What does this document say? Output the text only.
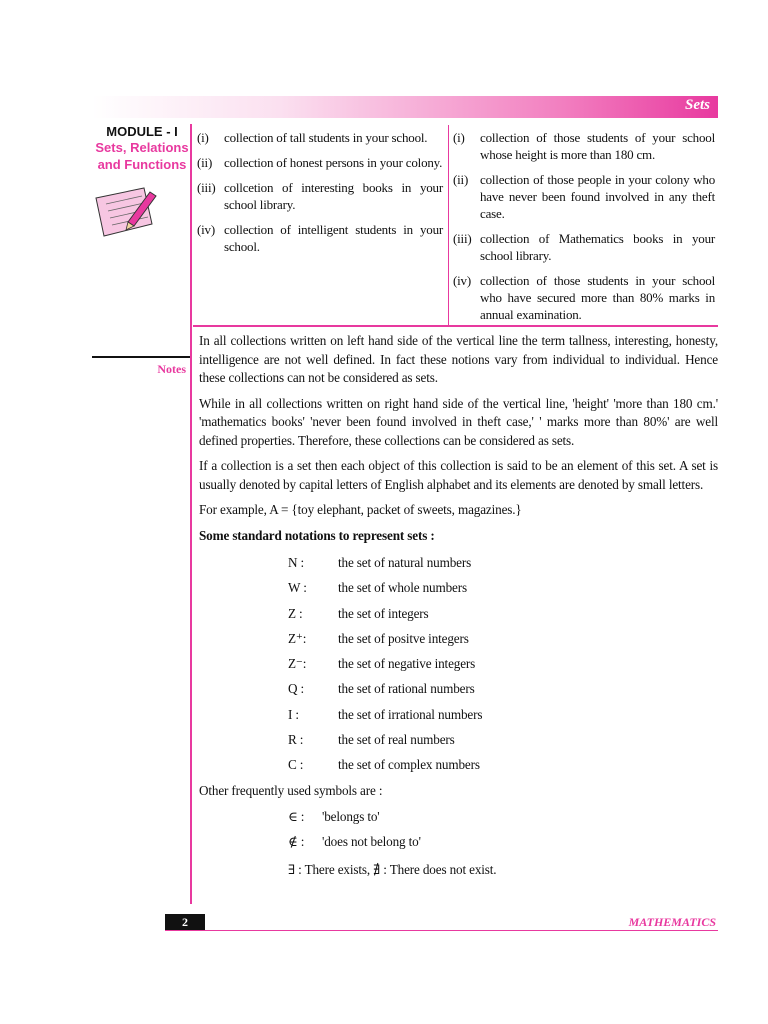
Sets
MODULE - I
Sets, Relations
and Functions
Notes
(i)	collection of tall students in your school.
(ii) collection of honest persons in your colony.
(iii) collcetion of interesting books in your school library.
(iv) collection of intelligent students in your school.
(i)	collection of those students of your school whose height is more than 180 cm.
(ii) collection of those people in your colony who have never been found involved in any theft case.
(iii) collection of Mathematics books in your school library.
(iv) collection of those students in your school who have secured more than 80% marks in annual examination.

In all collections written on left hand side of the vertical line the term tallness, interesting, honesty, intelligence are not well defined. In fact these notions vary from individual to individual. Hence these collections can not be considered as sets.

While in all collections written on right hand side of the vertical line, 'height' 'more than 180 cm.' 'mathematics books' 'never been found involved in theft case,' ' marks more than 80%' are well defined properties. Therefore, these collections can be considered as sets.

If a collection is a set then each object of this collection is said to be an element of this set. A set is usually denoted by capital letters of English alphabet and its elements are denoted by small letters.

For example, A = {toy elephant, packet of sweets, magazines.}

Some standard notations to represent sets :

N :	the set of natural numbers
W :	the set of whole numbers
Z :	the set of integers
Z⁺:	the set of positve integers
Z⁻:	the set of negative integers
Q :	the set of rational numbers
I :	the set of irrational numbers
R :	the set of real numbers
C :	the set of complex numbers

Other frequently used symbols are :

∈ :	'belongs to'
∉ :	'does not belong to'
∃ : There exists, ∄ : There does not exist.
2	MATHEMATICS
